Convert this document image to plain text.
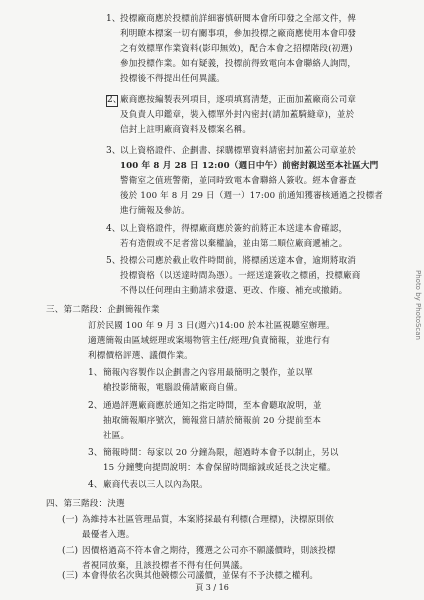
1、 投標廠商應於投標前詳細審慎研閱本會所印發之全部文件，俾
利明瞭本標案一切有關事項，參加投標之廠商應使用本會印發
之有效標單作業資料(影印無效)，配合本會之招標階段(初選)
參加投標作業。如有疑義，投標前得致電向本會聯絡人詢問，
投標後不得提出任何異議。
2、
廠商應按編製表列項目，逐項填寫清楚，正面加蓋廠商公司章
及負責人印鑑章，裝入標單外封內密封(請加蓋騎縫章)，並於
信封上註明廠商資料及標案名稱。
3、 以上資格證件、企劃書、採購標單資料請密封加蓋公司章並於
100 年 8 月 28 日 12:00（週日中午）前密封親送至本社區大門
警衛室之值班警衛，並同時致電本會聯絡人簽收。經本會審查
後於 100 年 8 月 29 日（週一）17:00 前通知獲審核通過之投標者
進行簡報及參訪。
4、 以上資格證件，得標廠商應於簽約前將正本送達本會確認，
若有造假或不足者當以棄權論，並由第二順位廠商遞補之。
5、 投標公司應於截止收件時間前，將標函送達本會，逾期將取消
投標資格（以送達時間為憑）。一經送達簽收之標函，投標廠商
不得以任何理由主動請求發還、更改、作廢、補充或撤銷。
三、第二階段：企劃簡報作業
訂於民國 100 年 9 月 3 日(週六)14:00 於本社區視聽室辦理。
適選簡報由區域經理或案場物管主任/經理/負責簡報，並進行有
利標價格評選、議價作業。
1、 簡報內容製作以企劃書之內容用最簡明之製作，並以單
槍投影簡報，電腦設備請廠商自備。
2、 通過評選廠商應於通知之指定時間，至本會聽取說明，並
抽取簡報順序號次，簡報當日請於簡報前 20 分提前至本
社區。
3、 簡報時間：每家以 20 分鐘為限，超過時本會予以制止，另以
15 分鐘雙向提問說明：本會保留時間縮減或延長之決定權。
4、 廠商代表以三人以內為限。
四、第三階段：決選
(一) 為維持本社區管理品質，本案將採最有利標(合理標)，決標原則依
最優者入選。
(二) 因價格過高不符本會之期待，獲選之公司亦不願議價時，則該投標
者視同放棄，且該投標者不得有任何異議。
(三) 本會得依名次與其他競標公司議價，並保有不予決標之權利。
Photo by PhotoScan
頁 3 / 16
